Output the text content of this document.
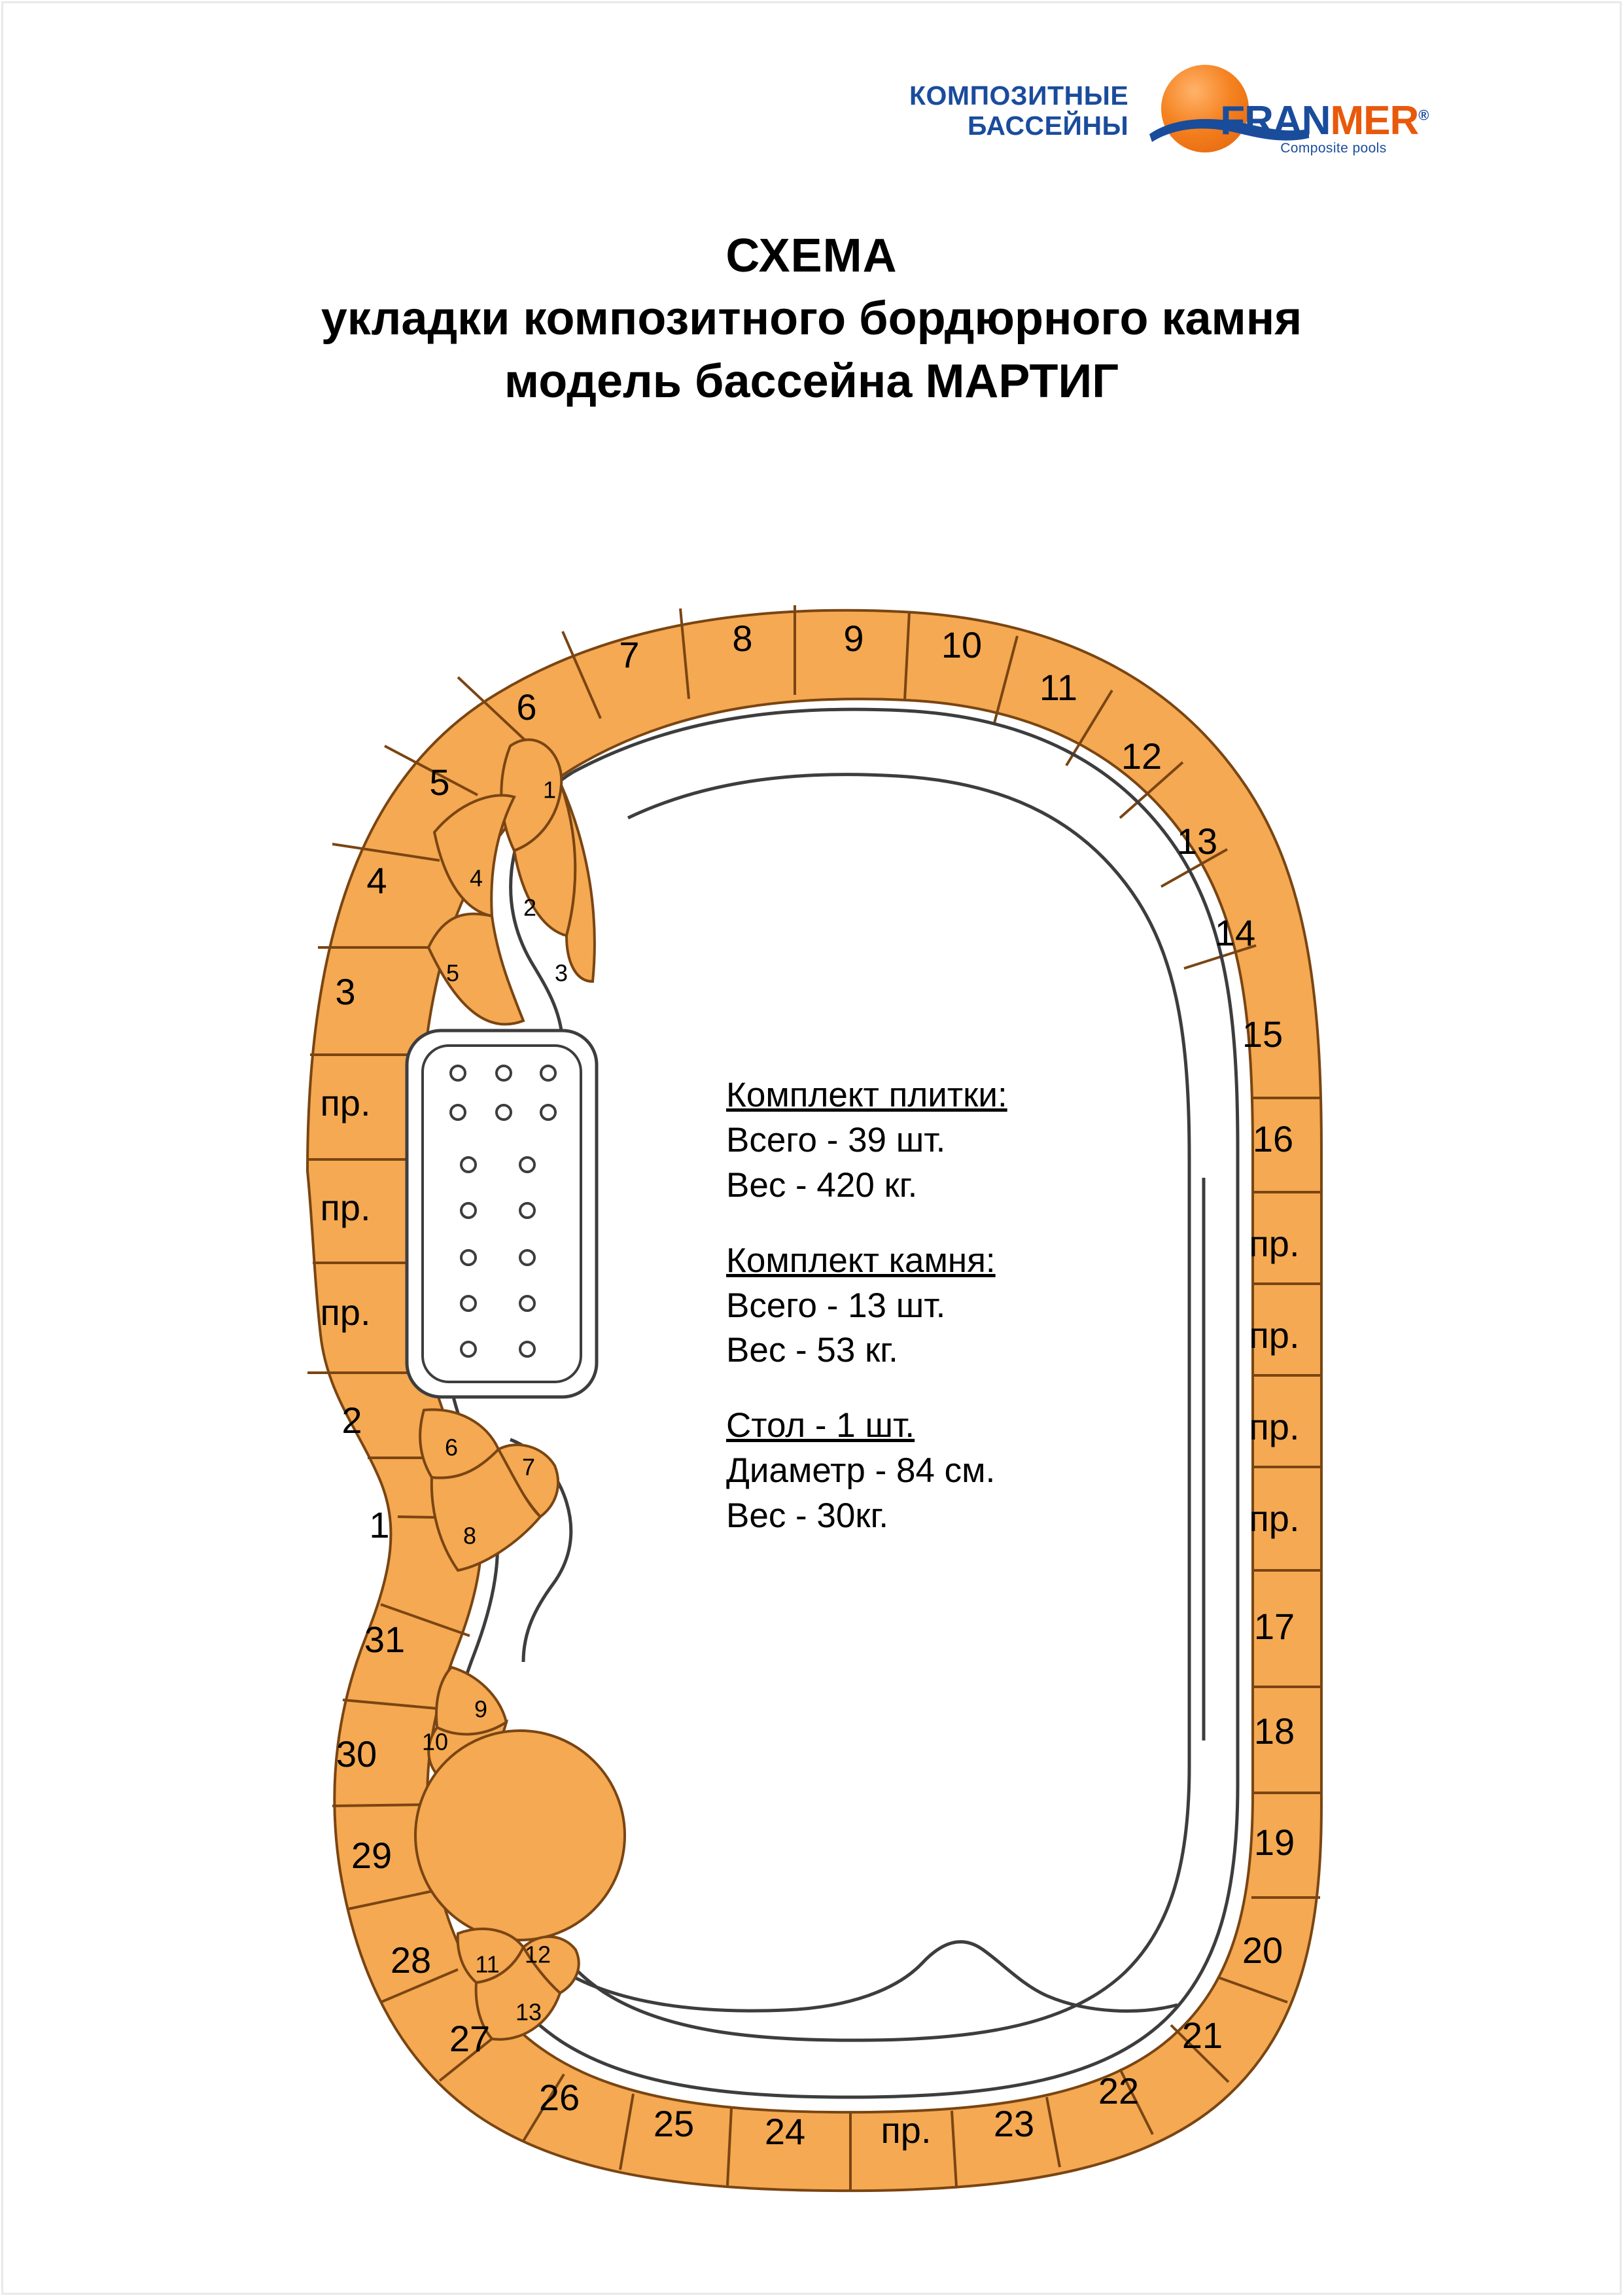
КОМПОЗИТНЫЕ
БАССЕЙНЫ FRANMER®
Composite pools
СХЕМА
укладки композитного бордюрного камня
модель бассейна МАРТИГ
1
2
пр.
пр.
пр.
3
4
5
6
7	8 9 10
11
12
13
14
15
16
пр.
пр.
пр.
пр.
17
18
19
20
21
22
23
пр.
24
25
26
27
28
29
30
31
1
2
3
4
5
6
7
8
9
10
11 12
13
Комплект плитки:
Всего - 39 шт.
Вес - 420 кг.
Комплект камня:
Всего - 13 шт.
Вес - 53 кг.
Стол - 1 шт.
Диаметр - 84 см.
Вес - 30кг.
